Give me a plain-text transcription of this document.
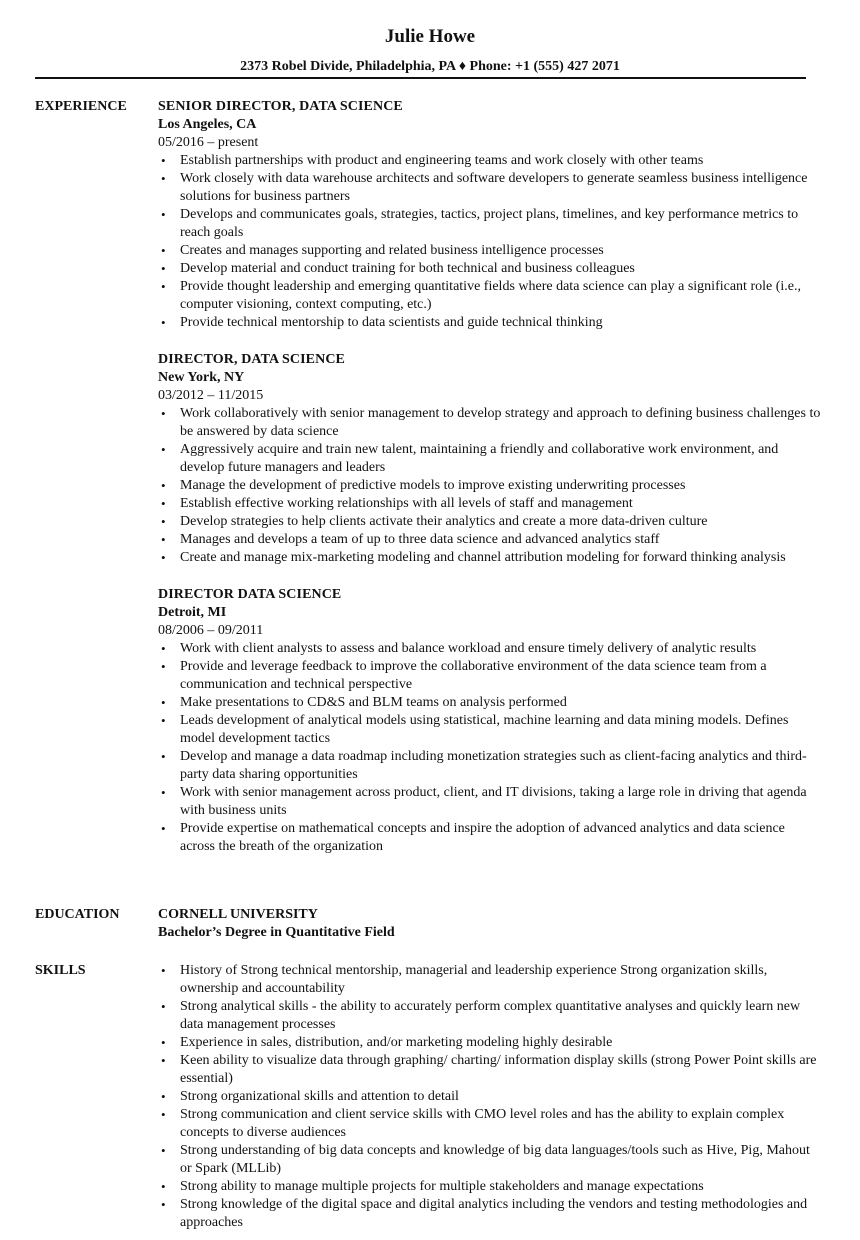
Julie Howe
2373 Robel Divide, Philadelphia, PA ♦ Phone: +1 (555) 427 2071
EXPERIENCE SENIOR DIRECTOR, DATA SCIENCE
Los Angeles, CA
05/2016 – present
• Establish partnerships with product and engineering teams and work closely with other teams
• Work closely with data warehouse architects and software developers to generate seamless business intelligence solutions for business partners
• Develops and communicates goals, strategies, tactics, project plans, timelines, and key performance metrics to reach goals
• Creates and manages supporting and related business intelligence processes
• Develop material and conduct training for both technical and business colleagues
• Provide thought leadership and emerging quantitative fields where data science can play a significant role (i.e., computer visioning, context computing, etc.)
• Provide technical mentorship to data scientists and guide technical thinking
DIRECTOR, DATA SCIENCE
New York, NY
03/2012 – 11/2015
• Work collaboratively with senior management to develop strategy and approach to defining business challenges to be answered by data science
• Aggressively acquire and train new talent, maintaining a friendly and collaborative work environment, and develop future managers and leaders
• Manage the development of predictive models to improve existing underwriting processes
• Establish effective working relationships with all levels of staff and management
• Develop strategies to help clients activate their analytics and create a more data-driven culture
• Manages and develops a team of up to three data science and advanced analytics staff
• Create and manage mix-marketing modeling and channel attribution modeling for forward thinking analysis
DIRECTOR DATA SCIENCE
Detroit, MI
08/2006 – 09/2011
• Work with client analysts to assess and balance workload and ensure timely delivery of analytic results
• Provide and leverage feedback to improve the collaborative environment of the data science team from a communication and technical perspective
• Make presentations to CD&S and BLM teams on analysis performed
• Leads development of analytical models using statistical, machine learning and data mining models. Defines model development tactics
• Develop and manage a data roadmap including monetization strategies such as client-facing analytics and third-party data sharing opportunities
• Work with senior management across product, client, and IT divisions, taking a large role in driving that agenda with business units
• Provide expertise on mathematical concepts and inspire the adoption of advanced analytics and data science across the breath of the organization
EDUCATION	CORNELL UNIVERSITY
Bachelor’s Degree in Quantitative Field
SKILLS	• History of Strong technical mentorship, managerial and leadership experience Strong organization skills, ownership and accountability
• Strong analytical skills - the ability to accurately perform complex quantitative analyses and quickly learn new data management processes
• Experience in sales, distribution, and/or marketing modeling highly desirable
• Keen ability to visualize data through graphing/ charting/ information display skills (strong Power Point skills are essential)
• Strong organizational skills and attention to detail
• Strong communication and client service skills with CMO level roles and has the ability to explain complex concepts to diverse audiences
• Strong understanding of big data concepts and knowledge of big data languages/tools such as Hive, Pig, Mahout or Spark (MLLib)
• Strong ability to manage multiple projects for multiple stakeholders and manage expectations
• Strong knowledge of the digital space and digital analytics including the vendors and testing methodologies and approaches
